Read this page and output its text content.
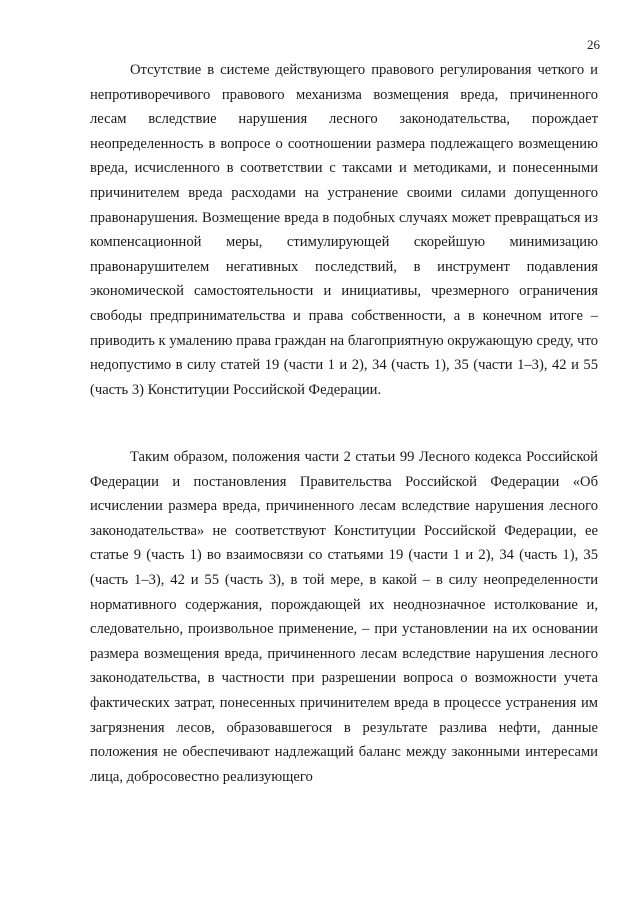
26

Отсутствие в системе действующего правового регулирования четкого и непротиворечивого правового механизма возмещения вреда, причиненного лесам вследствие нарушения лесного законодательства, порождает неопределенность в вопросе о соотношении размера подлежащего возмещению вреда, исчисленного в соответствии с таксами и методиками, и понесенными причинителем вреда расходами на устранение своими силами допущенного правонарушения. Возмещение вреда в подобных случаях может превращаться из компенсационной меры, стимулирующей скорейшую минимизацию правонарушителем негативных последствий, в инструмент подавления экономической самостоятельности и инициативы, чрезмерного ограничения свободы предпринимательства и права собственности, а в конечном итоге – приводить к умалению права граждан на благоприятную окружающую среду, что недопустимо в силу статей 19 (части 1 и 2), 34 (часть 1), 35 (части 1–3), 42 и 55 (часть 3) Конституции Российской Федерации.

Таким образом, положения части 2 статьи 99 Лесного кодекса Российской Федерации и постановления Правительства Российской Федерации «Об исчислении размера вреда, причиненного лесам вследствие нарушения лесного законодательства» не соответствуют Конституции Российской Федерации, ее статье 9 (часть 1) во взаимосвязи со статьями 19 (части 1 и 2), 34 (часть 1), 35 (часть 1–3), 42 и 55 (часть 3), в той мере, в какой – в силу неопределенности нормативного содержания, порождающей их неоднозначное истолкование и, следовательно, произвольное применение, – при установлении на их основании размера возмещения вреда, причиненного лесам вследствие нарушения лесного законодательства, в частности при разрешении вопроса о возможности учета фактических затрат, понесенных причинителем вреда в процессе устранения им загрязнения лесов, образовавшегося в результате разлива нефти, данные положения не обеспечивают надлежащий баланс между законными интересами лица, добросовестно реализующего
